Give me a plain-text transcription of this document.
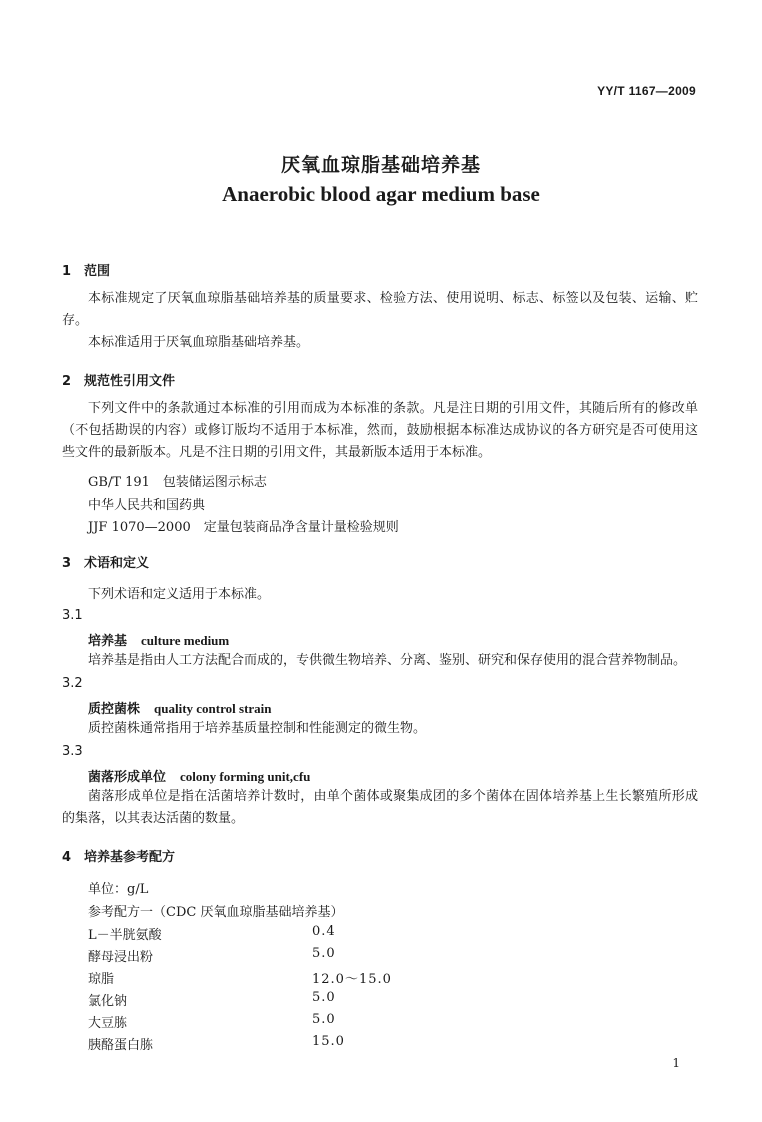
YY/T 1167—2009
厌氧血琼脂基础培养基
Anaerobic blood agar medium base
1 范围
本标准规定了厌氧血琼脂基础培养基的质量要求、检验方法、使用说明、标志、标签以及包装、运输、贮存。
本标准适用于厌氧血琼脂基础培养基。
2 规范性引用文件
下列文件中的条款通过本标准的引用而成为本标准的条款。凡是注日期的引用文件，其随后所有的修改单（不包括勘误的内容）或修订版均不适用于本标准，然而，鼓励根据本标准达成协议的各方研究是否可使用这些文件的最新版本。凡是不注日期的引用文件，其最新版本适用于本标准。
GB/T 191　包装储运图示标志
中华人民共和国药典
JJF 1070—2000　定量包装商品净含量计量检验规则
3 术语和定义
下列术语和定义适用于本标准。
3.1
培养基 culture medium
培养基是指由人工方法配合而成的，专供微生物培养、分离、鉴别、研究和保存使用的混合营养物制品。
3.2
质控菌株 quality control strain
质控菌株通常指用于培养基质量控制和性能测定的微生物。
3.3
菌落形成单位 colony forming unit,cfu
菌落形成单位是指在活菌培养计数时，由单个菌体或聚集成团的多个菌体在固体培养基上生长繁殖所形成的集落，以其表达活菌的数量。
4 培养基参考配方
单位：g/L
参考配方一（CDC 厌氧血琼脂基础培养基）
L－半胱氨酸	0.4
酵母浸出粉	5.0
琼脂	12.0～15.0
氯化钠	5.0
大豆胨	5.0
胰酪蛋白胨	15.0
1
